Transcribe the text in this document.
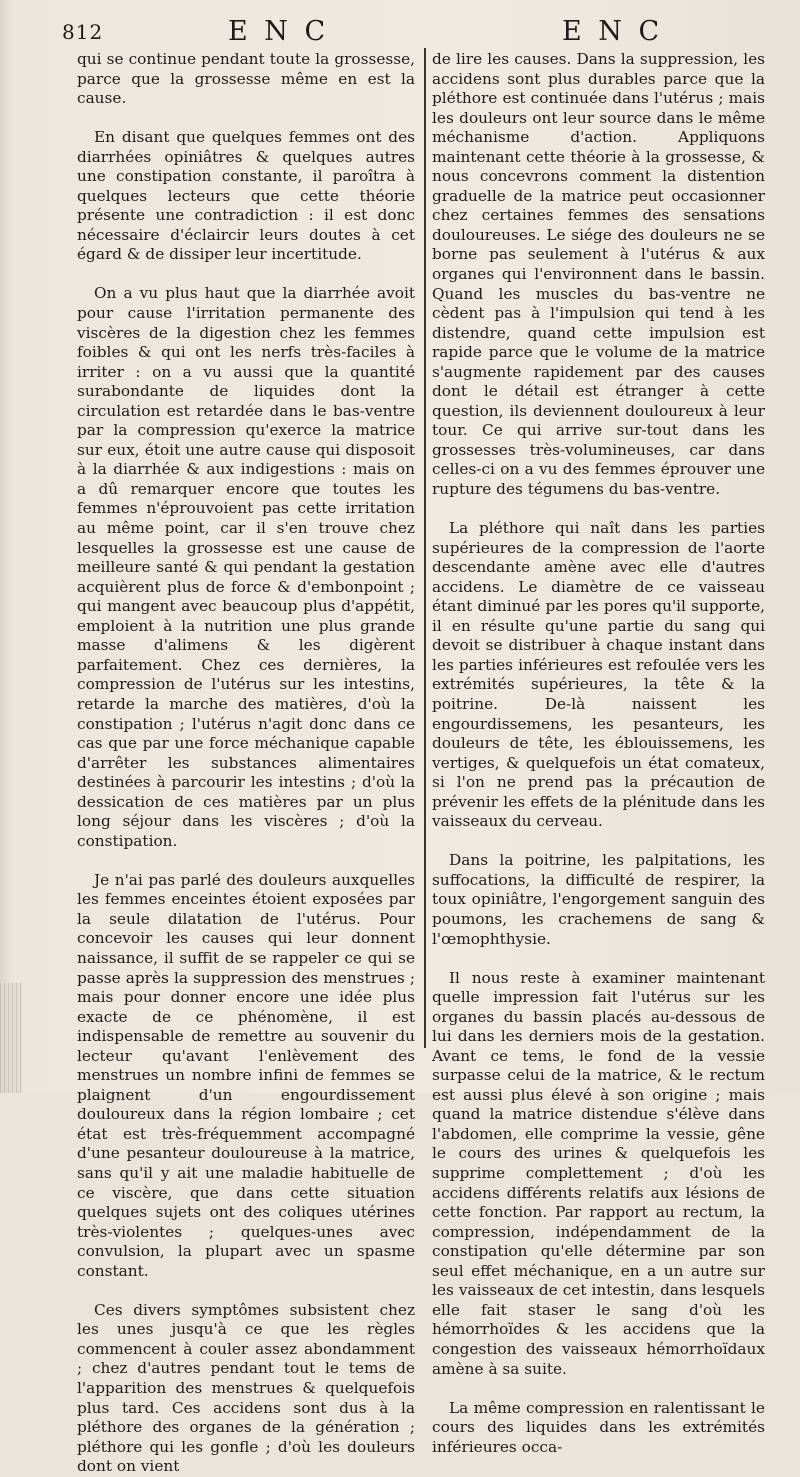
812	E N C	E N C

qui se continue pendant toute la grossesse, parce que la grossesse même en est la cause.

En disant que quelques femmes ont des diarrhées opiniâtres & quelques autres une constipation constante, il paroîtra à quelques lecteurs que cette théorie présente une contradiction : il est donc nécessaire d'éclaircir leurs doutes à cet égard & de dissiper leur incertitude.

On a vu plus haut que la diarrhée avoit pour cause l'irritation permanente des viscères de la digestion chez les femmes foibles & qui ont les nerfs très-faciles à irriter : on a vu aussi que la quantité surabondante de liquides dont la circulation est retardée dans le bas-ventre par la compression qu'exerce la matrice sur eux, étoit une autre cause qui disposoit à la diarrhée & aux indigestions : mais on a dû remarquer encore que toutes les femmes n'éprouvoient pas cette irritation au même point, car il s'en trouve chez lesquelles la grossesse est une cause de meilleure santé & qui pendant la gestation acquièrent plus de force & d'embonpoint ; qui mangent avec beaucoup plus d'appétit, emploient à la nutrition une plus grande masse d'alimens & les digèrent parfaitement. Chez ces dernières, la compression de l'utérus sur les intestins, retarde la marche des matières, d'où la constipation ; l'utérus n'agit donc dans ce cas que par une force méchanique capable d'arrêter les substances alimentaires destinées à parcourir les intestins ; d'où la dessication de ces matières par un plus long séjour dans les viscères ; d'où la constipation.

Je n'ai pas parlé des douleurs auxquelles les femmes enceintes étoient exposées par la seule dilatation de l'utérus. Pour concevoir les causes qui leur donnent naissance, il suffit de se rappeler ce qui se passe après la suppression des menstrues ; mais pour donner encore une idée plus exacte de ce phénomène, il est indispensable de remettre au souvenir du lecteur qu'avant l'enlèvement des menstrues un nombre infini de femmes se plaignent d'un engourdissement douloureux dans la région lombaire ; cet état est très-fréquemment accompagné d'une pesanteur douloureuse à la matrice, sans qu'il y ait une maladie habituelle de ce viscère, que dans cette situation quelques sujets ont des coliques utérines très-violentes ; quelques-unes avec convulsion, la plupart avec un spasme constant.

Ces divers symptômes subsistent chez les unes jusqu'à ce que les règles commencent à couler assez abondamment ; chez d'autres pendant tout le tems de l'apparition des menstrues & quelquefois plus tard. Ces accidens sont dus à la pléthore des organes de la génération ; pléthore qui les gonfle ; d'où les douleurs dont on vient

de lire les causes. Dans la suppression, les accidens sont plus durables parce que la pléthore est continuée dans l'utérus ; mais les douleurs ont leur source dans le même méchanisme d'action. Appliquons maintenant cette théorie à la grossesse, & nous concevrons comment la distention graduelle de la matrice peut occasionner chez certaines femmes des sensations douloureuses. Le siége des douleurs ne se borne pas seulement à l'utérus & aux organes qui l'environnent dans le bassin. Quand les muscles du bas-ventre ne cèdent pas à l'impulsion qui tend à les distendre, quand cette impulsion est rapide parce que le volume de la matrice s'augmente rapidement par des causes dont le détail est étranger à cette question, ils deviennent douloureux à leur tour. Ce qui arrive sur-tout dans les grossesses très-volumineuses, car dans celles-ci on a vu des femmes éprouver une rupture des tégumens du bas-ventre.

La pléthore qui naît dans les parties supérieures de la compression de l'aorte descendante amène avec elle d'autres accidens. Le diamètre de ce vaisseau étant diminué par les pores qu'il supporte, il en résulte qu'une partie du sang qui devoit se distribuer à chaque instant dans les parties inférieures est refoulée vers les extrémités supérieures, la tête & la poitrine. De-là naissent les engourdissemens, les pesanteurs, les douleurs de tête, les éblouissemens, les vertiges, & quelquefois un état comateux, si l'on ne prend pas la précaution de prévenir les effets de la plénitude dans les vaisseaux du cerveau.

Dans la poitrine, les palpitations, les suffocations, la difficulté de respirer, la toux opiniâtre, l'engorgement sanguin des poumons, les crachemens de sang & l'œmophthysie.

Il nous reste à examiner maintenant quelle impression fait l'utérus sur les organes du bassin placés au-dessous de lui dans les derniers mois de la gestation. Avant ce tems, le fond de la vessie surpasse celui de la matrice, & le rectum est aussi plus élevé à son origine ; mais quand la matrice distendue s'élève dans l'abdomen, elle comprime la vessie, gêne le cours des urines & quelquefois les supprime complettement ; d'où les accidens différents relatifs aux lésions de cette fonction. Par rapport au rectum, la compression, indépendamment de la constipation qu'elle détermine par son seul effet méchanique, en a un autre sur les vaisseaux de cet intestin, dans lesquels elle fait staser le sang d'où les hémorrhoïdes & les accidens que la congestion des vaisseaux hémorrhoïdaux amène à sa suite.

La même compression en ralentissant le cours des liquides dans les extrémités inférieures occa-
